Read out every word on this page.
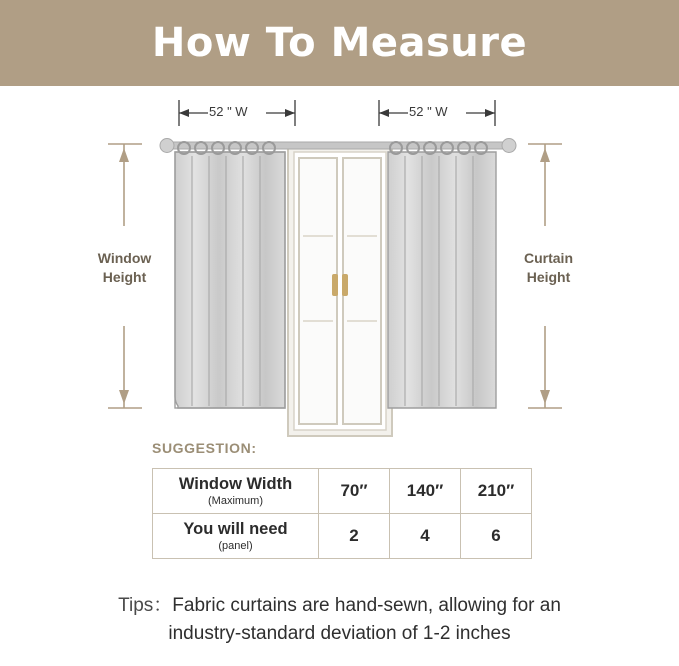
How To Measure
52 " W	52 " W
Window
Height
Curtain
Height
SUGGESTION:
Window Width
(Maximum)	70″	140″	210″

You will need
(panel)	2	4	6
Tips：Fabric curtains are hand-sewn, allowing for an
industry-standard deviation of 1-2 inches
